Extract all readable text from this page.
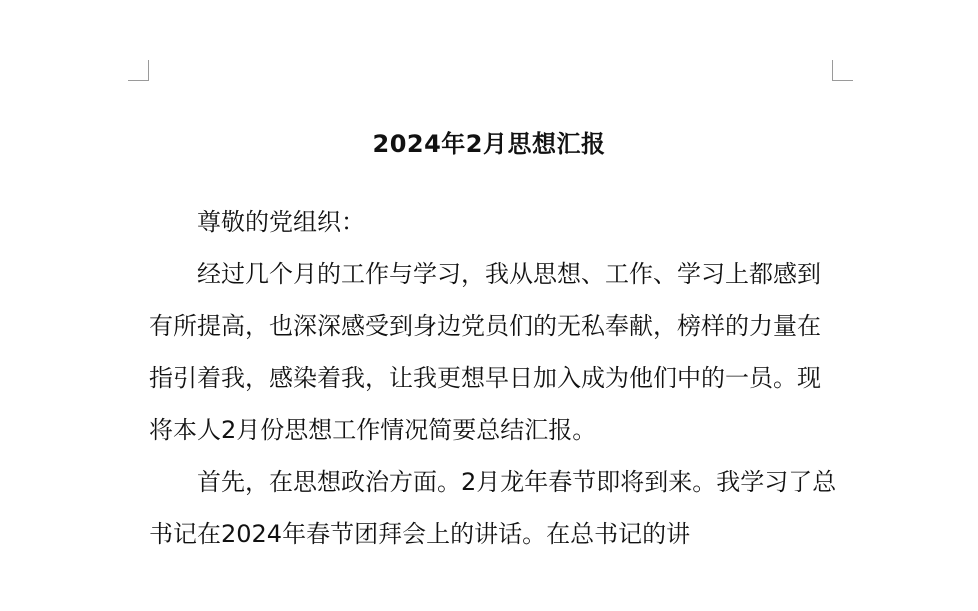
2024年2月思想汇报

尊敬的党组织：

经过几个月的工作与学习，我从思想、工作、学习上都感到有所提高，也深深感受到身边党员们的无私奉献，榜样的力量在指引着我，感染着我，让我更想早日加入成为他们中的一员。现将本人2月份思想工作情况简要总结汇报。

首先，在思想政治方面。2月龙年春节即将到来。我学习了总书记在2024年春节团拜会上的讲话。在总书记的讲
